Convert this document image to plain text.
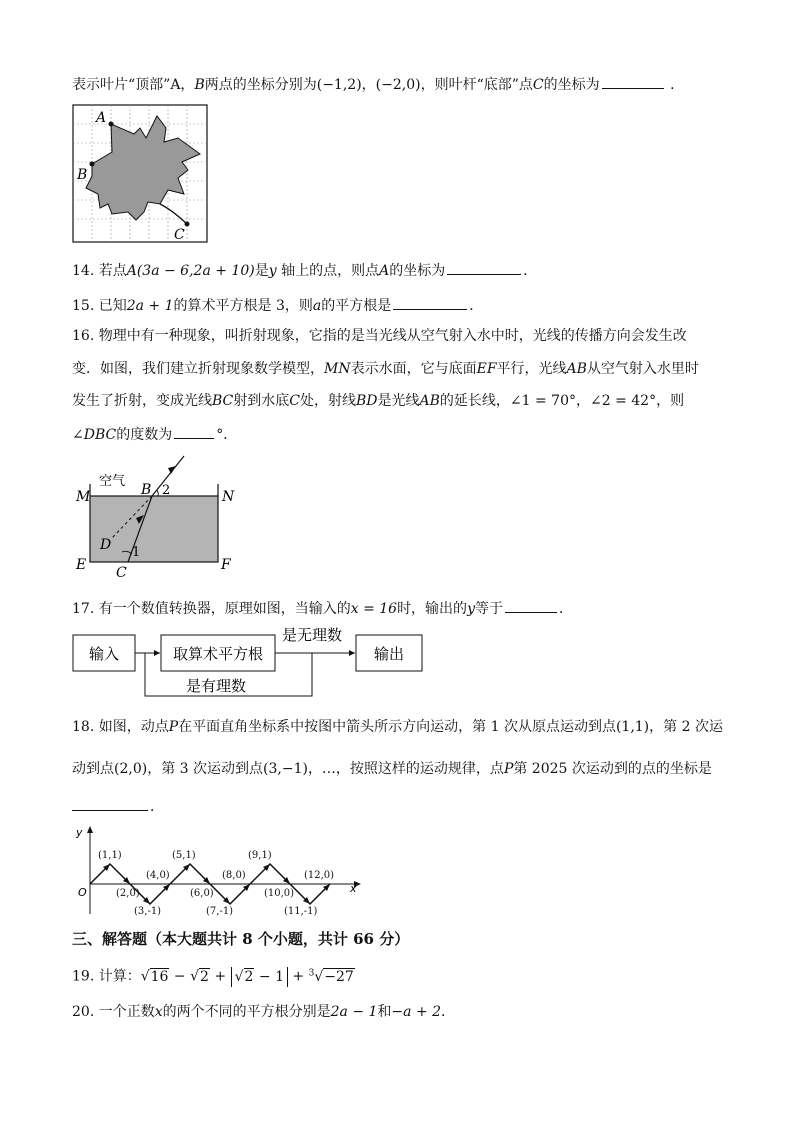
表示叶片“顶部”A，B两点的坐标分别为(−1,2)，(−2,0)，则叶杆“底部”点C的坐标为	．
A
B
C
14. 若点A(3a − 6,2a + 10)是y 轴上的点，则点A的坐标为	．
15. 已知2a + 1的算术平方根是 3，则a的平方根是	．
16. 物理中有一种现象，叫折射现象，它指的是当光线从空气射入水中时，光线的传播方向会发生改
变．如图，我们建立折射现象数学模型，MN表示水面，它与底面EF平行，光线AB从空气射入水里时
发生了折射，变成光线BC射到水底C处，射线BD是光线AB的延长线，∠1 = 70°，∠2 = 42°，则
∠DBC的度数为	°．
空气
M	N
B 2
D 1
E C	F
17. 有一个数值转换器，原理如图，当输入的x = 16时，输出的y等于	．
输入	取算术平方根
是无理数
输出
是有理数
18. 如图，动点P在平面直角坐标系中按图中箭头所示方向运动，第 1 次从原点运动到点(1,1)，第 2 次运
动到点(2,0)，第 3 次运动到点(3,−1)，…，按照这样的运动规律，点P第 2025 次运动到的点的坐标是
．
y
x
O
(1,1)
(2,0)
(3,-1)
(4,0)
(5,1)
(6,0)
(7,-1)
(8,0)
(9,1)
(10,0)
(11,-1)
(12,0)
三、解答题（本大题共计 8 个小题，共计 66 分）
19. 计算：√16 − √2 + √2 − 1 + $^3$√−27
20. 一个正数x的两个不同的平方根分别是2a − 1和−a + 2．
